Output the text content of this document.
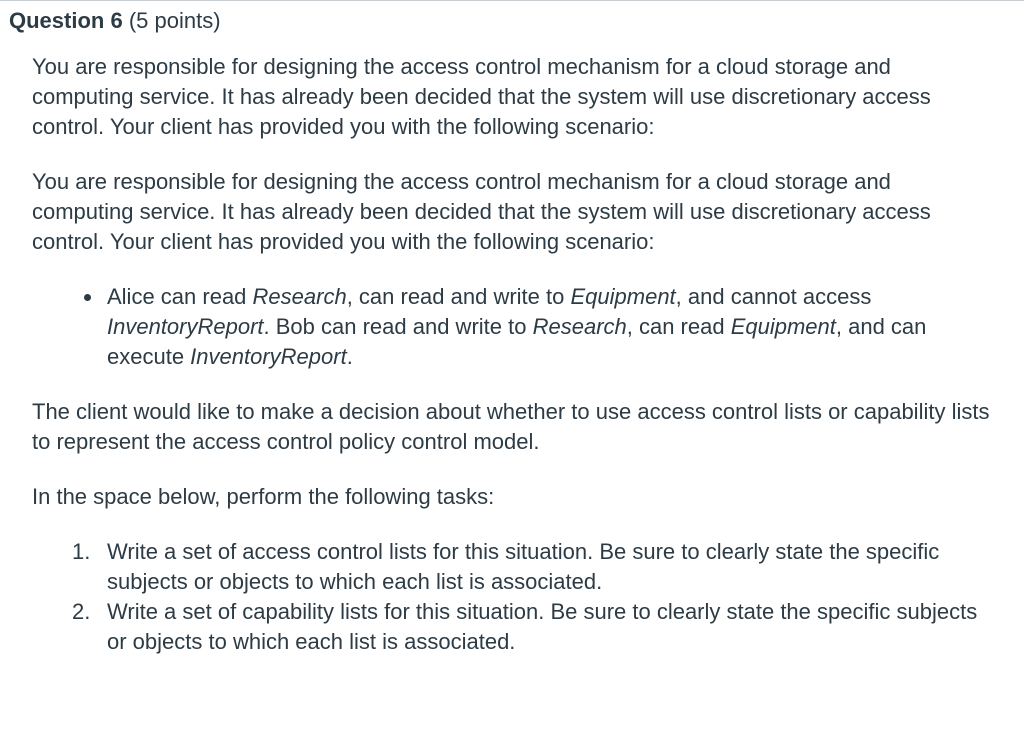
Question 6 (5 points)

You are responsible for designing the access control mechanism for a cloud storage and computing service. It has already been decided that the system will use discretionary access control. Your client has provided you with the following scenario:

You are responsible for designing the access control mechanism for a cloud storage and computing service. It has already been decided that the system will use discretionary access control. Your client has provided you with the following scenario:

Alice can read Research, can read and write to Equipment, and cannot access InventoryReport. Bob can read and write to Research, can read Equipment, and can execute InventoryReport.

The client would like to make a decision about whether to use access control lists or capability lists to represent the access control policy control model.

In the space below, perform the following tasks:

1. Write a set of access control lists for this situation. Be sure to clearly state the specific subjects or objects to which each list is associated.
2. Write a set of capability lists for this situation. Be sure to clearly state the specific subjects or objects to which each list is associated.
